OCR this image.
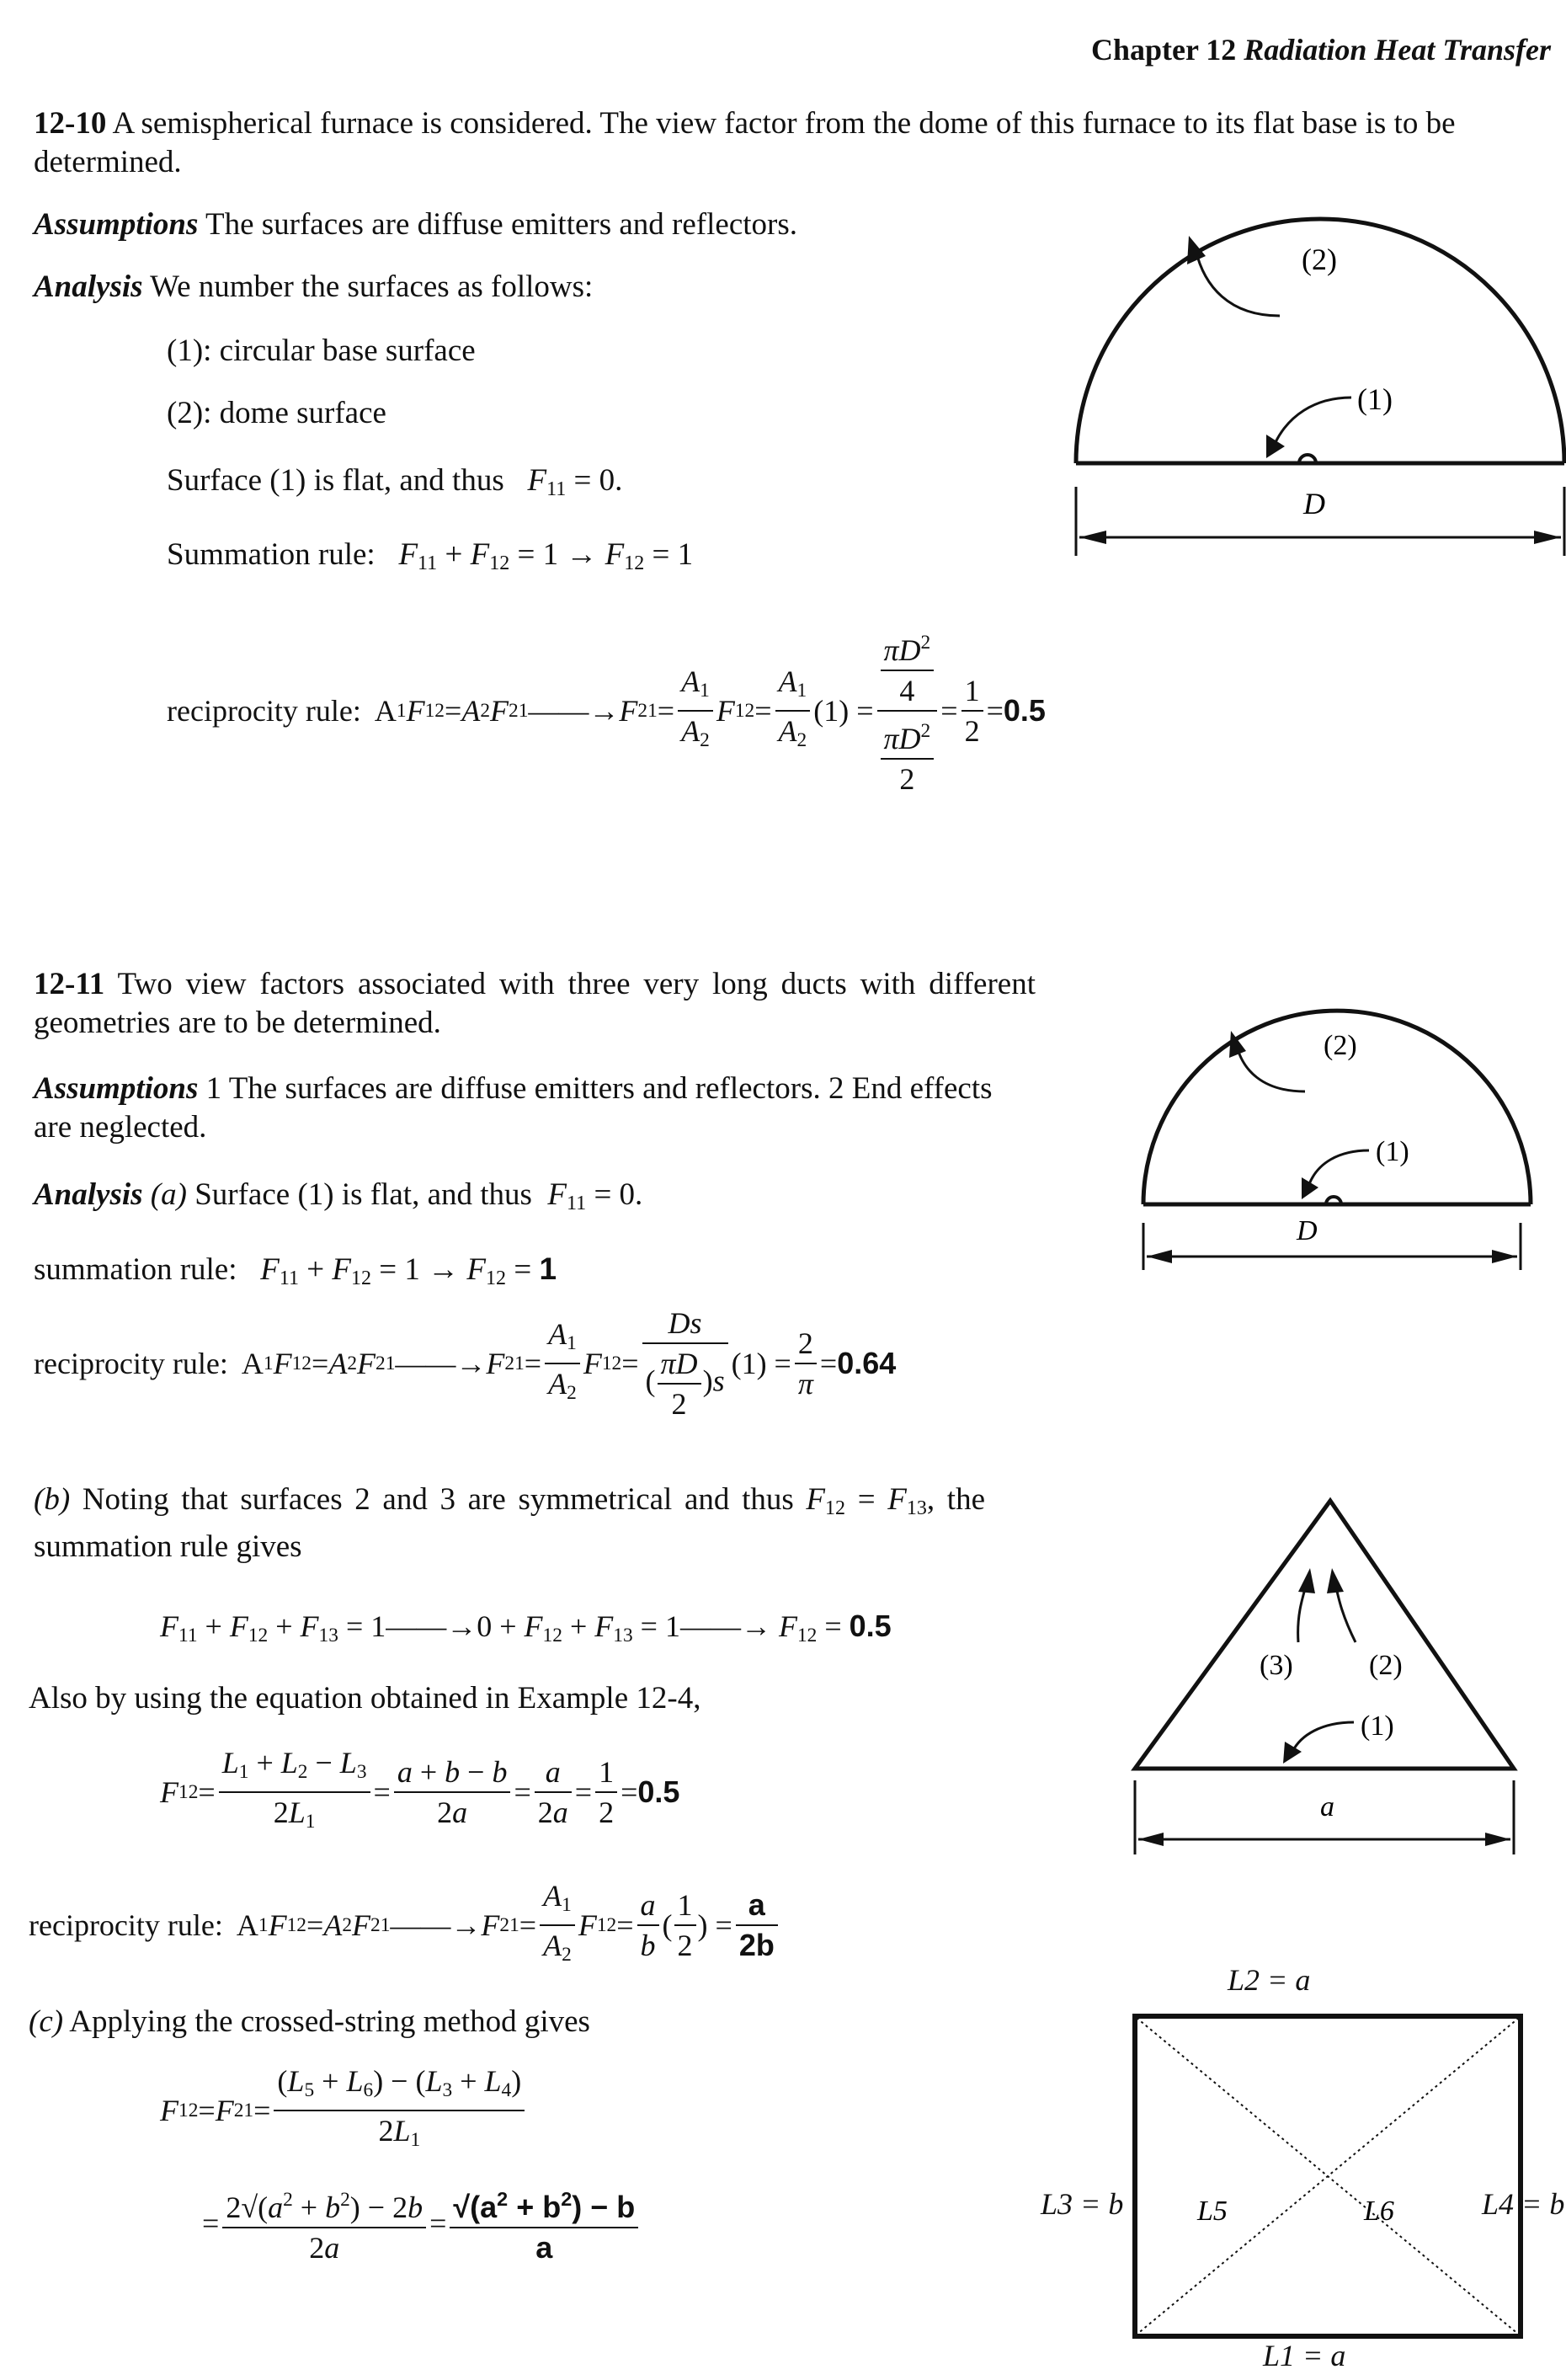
Chapter 12 Radiation Heat Transfer
12-10 A semispherical furnace is considered. The view factor from the dome of this furnace to its flat base is to be determined.
Assumptions The surfaces are diffuse emitters and reflectors.
Analysis We number the surfaces as follows:
(1): circular base surface
(2): dome surface
Surface (1) is flat, and thus $F_{11} = 0$.
Summation rule: $F_{11} + F_{12} = 1 \to F_{12} = 1$
reciprocity rule: A 1 F 12 = A 2 F 21 ——→ F $21 = \frac{A_1}{A_2}$ F $12 = \frac{A_1}{A_2} (1) = \frac{\frac{\pi D^2}{4}}{\frac{\pi D^2}{2}} = \frac{1}{2} = 0.5$
(2)
(1)
D
12-11 Two view factors associated with three very long ducts with different geometries are to be determined.
Assumptions 1 The surfaces are diffuse emitters and reflectors. 2 End effects are neglected.
Analysis (a) Surface (1) is flat, and thus $F_{11} = 0$.
summation rule: $F_{11} + F_{12} = 1 \to F_{12} = 1$
reciprocity rule: A 1 F 12 = A 2 F 21 ——→ F $21 = \frac{A_1}{A_2}$ F $12 = \frac{Ds}{( \frac{\pi D}{2} )s} (1) = \frac{2}{\pi} = 0.64$
(2)
(1)
D
(b) Noting that surfaces 2 and 3 are symmetrical and thus $F_{12} = F_{13}$, the summation rule gives
$F_{11} + F_{12} + F_{13}$ = 1——→0 + $F_{12} + F_{13}$ = 1——→ $F_{12} = 0.5$
Also by using the equation obtained in Example 12-4,
F $12 = \frac{L_1 + L_2 - L_3}{2L_1} = \frac{a + b - b}{2a} = \frac{a}{2a} = \frac{1}{2} = 0.5$
reciprocity rule: A 1 F 12 = A 2 F 21 ——→ F $21 = \frac{A_1}{A_2}$ F $12 = \frac{a}{b}$ ( $\frac{1}{2}$ ) = $\frac{a}{2b}$
(3)	(2)
(1)
a
(c) Applying the crossed-string method gives
F 12 = F $21 = \frac{(L_5 + L_6) - (L_3 + L_4)}{2L_1}$
= $\frac{2√(a^2 + b^2) - 2b}{2a} = \frac{√(a^2 + b^2) - b}{a}$
L2 = a
L3 = b	L4 = b
L1 = a
L5	L6
